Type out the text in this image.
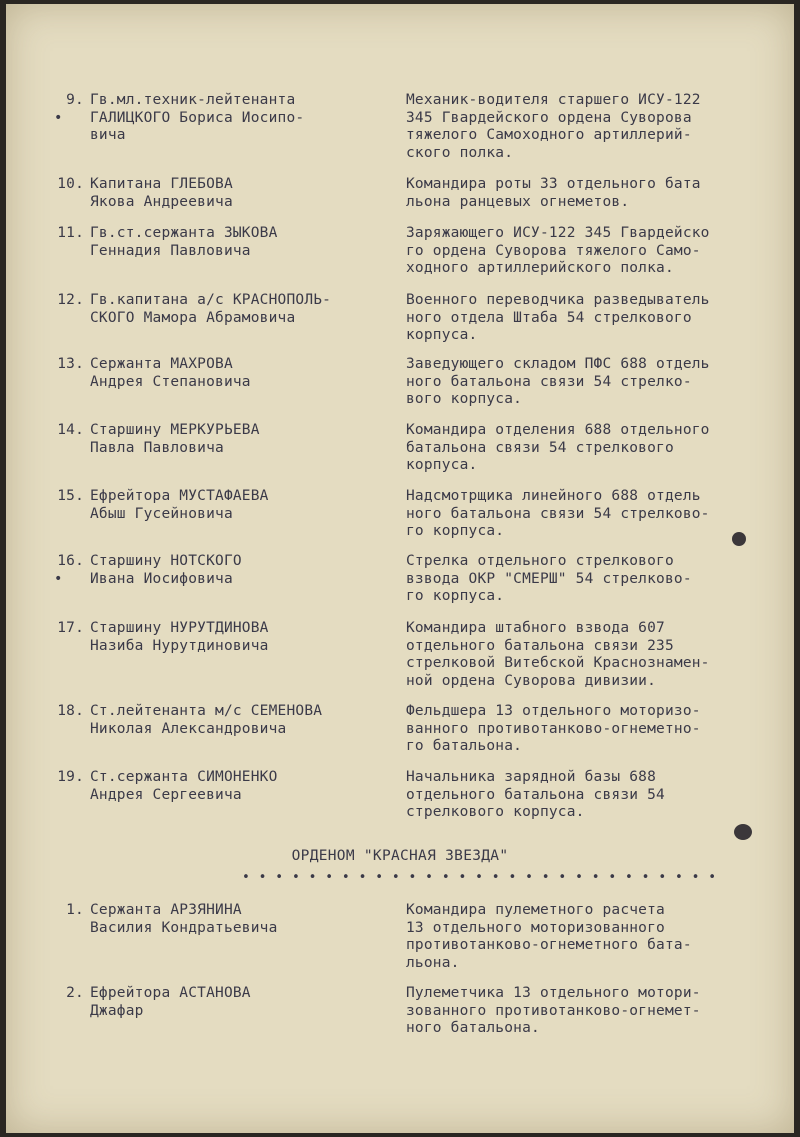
9.
•
Гв.мл.техник-лейтенанта
ГАЛИЦКОГО Бориса Иосипо-
вича
Механик-водителя старшего ИСУ-122
345 Гвардейского ордена Суворова
тяжелого Самоходного артиллерий-
ского полка.
10. Капитана ГЛЕБОВА
Якова Андреевича
Командира роты 33 отдельного бата
льона ранцевых огнеметов.
11. Гв.ст.сержанта ЗЫКОВА
Геннадия Павловича
Заряжающего ИСУ-122 345 Гвардейско
го ордена Суворова тяжелого Само-
ходного артиллерийского полка.
12. Гв.капитана а/с КРАСНОПОЛЬ-
СКОГО Мамора Абрамовича
Военного переводчика разведыватель
ного отдела Штаба 54 стрелкового
корпуса.
13. Сержанта МАХРОВА
Андрея Степановича
Заведующего складом ПФС 688 отдель
ного батальона связи 54 стрелко-
вого корпуса.
14. Старшину МЕРКУРЬЕВА
Павла Павловича
Командира отделения 688 отдельного
батальона связи 54 стрелкового
корпуса.
15. Ефрейтора МУСТАФАЕВА
Абыш Гусейновича
Надсмотрщика линейного 688 отдель
ного батальона связи 54 стрелково-
го корпуса.
16.
•
Старшину НОТСКОГО
Ивана Иосифовича
Стрелка отдельного стрелкового
взвода ОКР "СМЕРШ" 54 стрелково-
го корпуса.
17. Старшину НУРУТДИНОВА
Назиба Нурутдиновича
Командира штабного взвода 607
отдельного батальона связи 235
стрелковой Витебской Краснознамен-
ной ордена Суворова дивизии.
18. Ст.лейтенанта м/с СЕМЕНОВА
Николая Александровича
Фельдшера 13 отдельного моторизо-
ванного противотанково-огнеметно-
го батальона.
19. Ст.сержанта СИМОНЕНКО
Андрея Сергеевича
Начальника зарядной базы 688
отдельного батальона связи 54
стрелкового корпуса.
ОРДЕНОМ "КРАСНАЯ ЗВЕЗДА"
• • • • • • • • • • • • • • • • • • • • • • • • • • • • •
1. Сержанта АРЗЯНИНА
Василия Кондратьевича
Командира пулеметного расчета
13 отдельного моторизованного
противотанково-огнеметного бата-
льона.
2. Ефрейтора АСТАНОВА
Джафар
Пулеметчика 13 отдельного мотори-
зованного противотанково-огнемет-
ного батальона.
